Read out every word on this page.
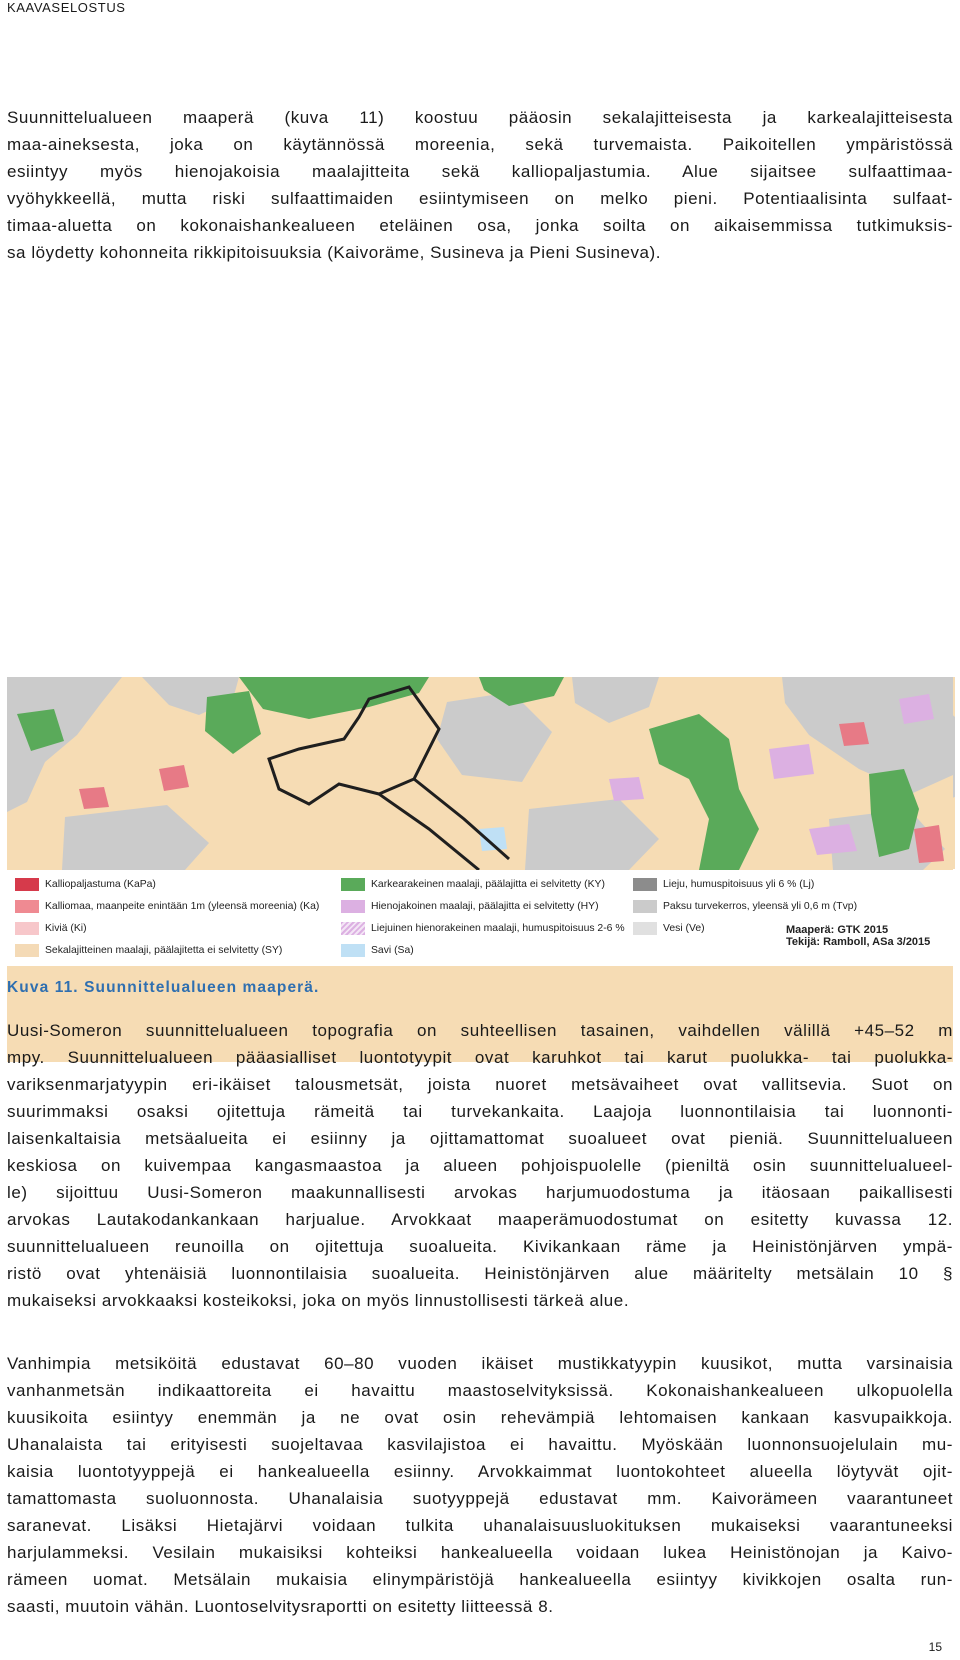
KAAVASELOSTUS
Suunnittelualueen maaperä (kuva 11) koostuu pääosin sekalajitteisesta ja karkealajitteisesta
maa-aineksesta, joka on käytännössä moreenia, sekä turvemaista. Paikoitellen ympäristössä
esiintyy myös hienojakoisia maalajitteita sekä kalliopaljastumia. Alue sijaitsee sulfaattimaa-
vyöhykkeellä, mutta riski sulfaattimaiden esiintymiseen on melko pieni. Potentiaalisinta sulfaat-
timaa-aluetta on kokonaishankealueen eteläinen osa, jonka soilta on aikaisemmissa tutkimuksis-
sa löydetty kohonneita rikkipitoisuuksia (Kaivoräme, Susineva ja Pieni Susineva).
Kalliopaljastuma (KaPa)
Kalliomaa, maanpeite enintään 1m (yleensä moreenia) (Ka)
Kiviä (Ki)
Sekalajitteinen maalaji, päälajitetta ei selvitetty (SY)
Karkearakeinen maalaji, päälajitta ei selvitetty (KY)
Hienojakoinen maalaji, päälajitta ei selvitetty (HY)
Liejuinen hienorakeinen maalaji, humuspitoisuus 2-6 %
Savi (Sa)
Lieju, humuspitoisuus yli 6 % (Lj)
Paksu turvekerros, yleensä yli 0,6 m (Tvp)
Vesi (Ve)	Maaperä: GTK 2015
Tekijä: Ramboll, ASa 3/2015
Kuva 11. Suunnittelualueen maaperä.
Uusi-Someron suunnittelualueen topografia on suhteellisen tasainen, vaihdellen välillä +45–52 m
mpy. Suunnittelualueen pääasialliset luontotyypit ovat karuhkot tai karut puolukka- tai puolukka-
variksenmarjatyypin eri-ikäiset talousmetsät, joista nuoret metsävaiheet ovat vallitsevia. Suot on
suurimmaksi osaksi ojitettuja rämeitä tai turvekankaita. Laajoja luonnontilaisia tai luonnonti-
laisenkaltaisia metsäalueita ei esiinny ja ojittamattomat suoalueet ovat pieniä. Suunnittelualueen
keskiosa on kuivempaa kangasmaastoa ja alueen pohjoispuolelle (pieniltä osin suunnittelualueel-
le) sijoittuu Uusi-Someron maakunnallisesti arvokas harjumuodostuma ja itäosaan paikallisesti
arvokas Lautakodankankaan harjualue. Arvokkaat maaperämuodostumat on esitetty kuvassa 12.
suunnittelualueen reunoilla on ojitettuja suoalueita. Kivikankaan räme ja Heinistönjärven ympä-
ristö ovat yhtenäisiä luonnontilaisia suoalueita. Heinistönjärven alue määritelty metsälain 10 §
mukaiseksi arvokkaaksi kosteikoksi, joka on myös linnustollisesti tärkeä alue.
Vanhimpia metsiköitä edustavat 60–80 vuoden ikäiset mustikkatyypin kuusikot, mutta varsinaisia
vanhanmetsän indikaattoreita ei havaittu maastoselvityksissä. Kokonaishankealueen ulkopuolella
kuusikoita esiintyy enemmän ja ne ovat osin rehevämpiä lehtomaisen kankaan kasvupaikkoja.
Uhanalaista tai erityisesti suojeltavaa kasvilajistoa ei havaittu. Myöskään luonnonsuojelulain mu-
kaisia luontotyyppejä ei hankealueella esiinny. Arvokkaimmat luontokohteet alueella löytyvät ojit-
tamattomasta suoluonnosta. Uhanalaisia suotyyppejä edustavat mm. Kaivorämeen vaarantuneet
saranevat. Lisäksi Hietajärvi voidaan tulkita uhanalaisuusluokituksen mukaiseksi vaarantuneeksi
harjulammeksi. Vesilain mukaisiksi kohteiksi hankealueella voidaan lukea Heinistönojan ja Kaivo-
rämeen uomat. Metsälain mukaisia elinympäristöjä hankealueella esiintyy kivikkojen osalta run-
saasti, muutoin vähän. Luontoselvitysraportti on esitetty liitteessä 8.
15
